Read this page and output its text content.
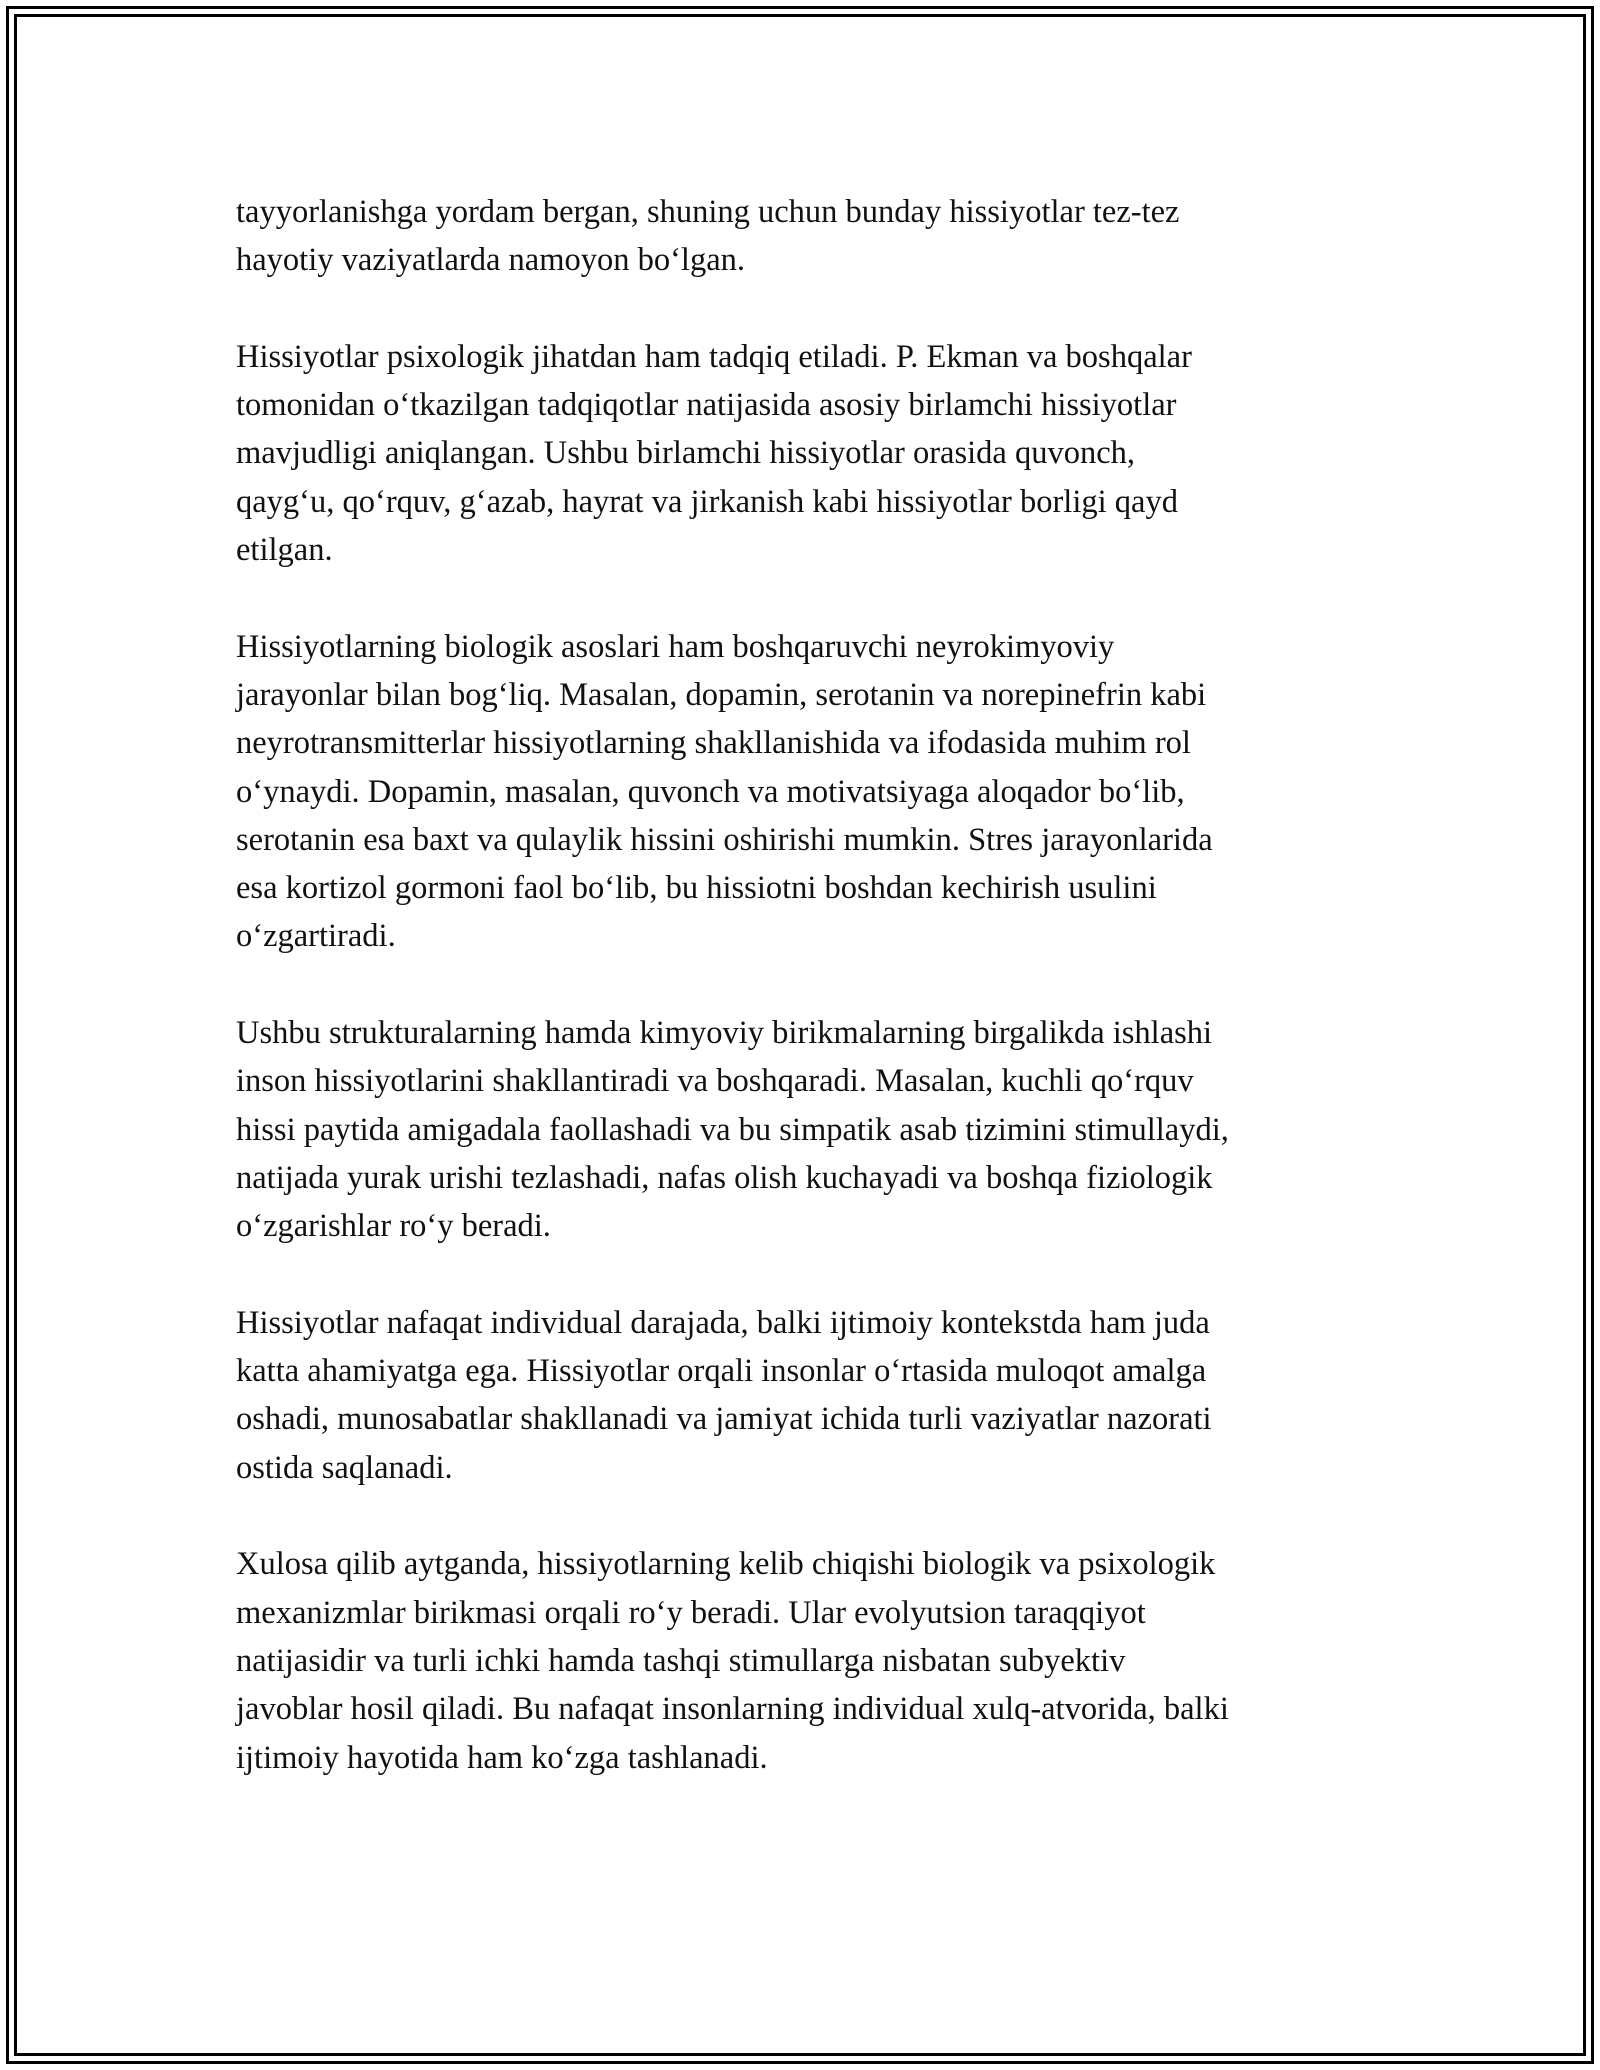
tayyorlanishga yordam bergan, shuning uchun bunday hissiyotlar tez-tez
hayotiy vaziyatlarda namoyon bo‘lgan.

Hissiyotlar psixologik jihatdan ham tadqiq etiladi. P. Ekman va boshqalar
tomonidan o‘tkazilgan tadqiqotlar natijasida asosiy birlamchi hissiyotlar
mavjudligi aniqlangan. Ushbu birlamchi hissiyotlar orasida quvonch,
qayg‘u, qo‘rquv, g‘azab, hayrat va jirkanish kabi hissiyotlar borligi qayd
etilgan.

Hissiyotlarning biologik asoslari ham boshqaruvchi neyrokimyoviy
jarayonlar bilan bog‘liq. Masalan, dopamin, serotanin va norepinefrin kabi
neyrotransmitterlar hissiyotlarning shakllanishida va ifodasida muhim rol
o‘ynaydi. Dopamin, masalan, quvonch va motivatsiyaga aloqador bo‘lib,
serotanin esa baxt va qulaylik hissini oshirishi mumkin. Stres jarayonlarida
esa kortizol gormoni faol bo‘lib, bu hissiotni boshdan kechirish usulini
o‘zgartiradi.

Ushbu strukturalarning hamda kimyoviy birikmalarning birgalikda ishlashi
inson hissiyotlarini shakllantiradi va boshqaradi. Masalan, kuchli qo‘rquv
hissi paytida amigadala faollashadi va bu simpatik asab tizimini stimullaydi,
natijada yurak urishi tezlashadi, nafas olish kuchayadi va boshqa fiziologik
o‘zgarishlar ro‘y beradi.

Hissiyotlar nafaqat individual darajada, balki ijtimoiy kontekstda ham juda
katta ahamiyatga ega. Hissiyotlar orqali insonlar o‘rtasida muloqot amalga
oshadi, munosabatlar shakllanadi va jamiyat ichida turli vaziyatlar nazorati
ostida saqlanadi.

Xulosa qilib aytganda, hissiyotlarning kelib chiqishi biologik va psixologik
mexanizmlar birikmasi orqali ro‘y beradi. Ular evolyutsion taraqqiyot
natijasidir va turli ichki hamda tashqi stimullarga nisbatan subyektiv
javoblar hosil qiladi. Bu nafaqat insonlarning individual xulq-atvorida, balki
ijtimoiy hayotida ham ko‘zga tashlanadi.
